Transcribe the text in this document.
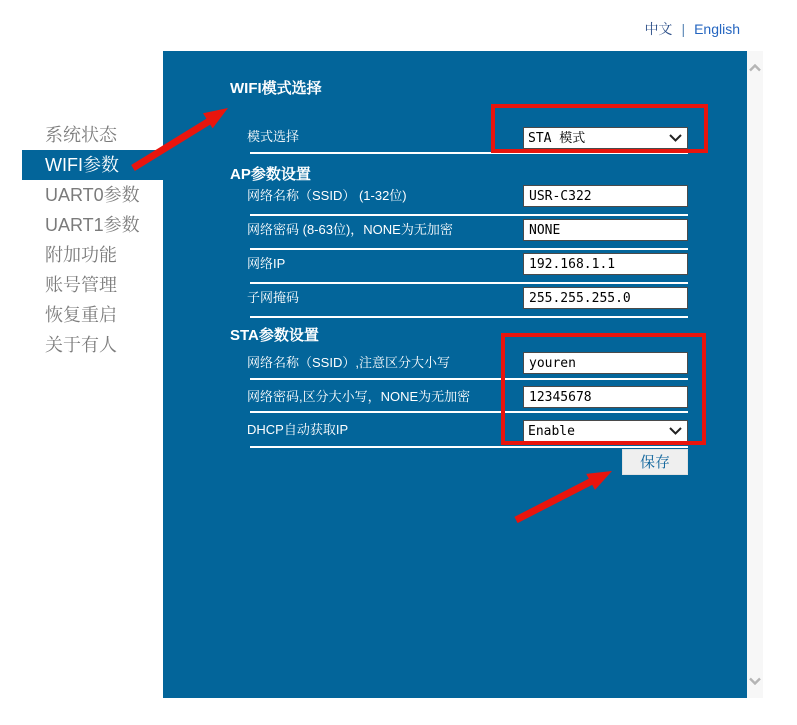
中文 | English
系统状态
WIFI参数
UART0参数
UART1参数
附加功能
账号管理
恢复重启
关于有人
WIFI模式选择
模式选择
STA 模式
AP参数设置
网络名称（SSID） (1-32位)
USR-C322
网络密码 (8-63位)，NONE为无加密
NONE
网络IP
192.168.1.1
子网掩码
255.255.255.0
STA参数设置
网络名称（SSID）,注意区分大小写
youren
网络密码,区分大小写，NONE为无加密
12345678
DHCP自动获取IP
Enable
保存
